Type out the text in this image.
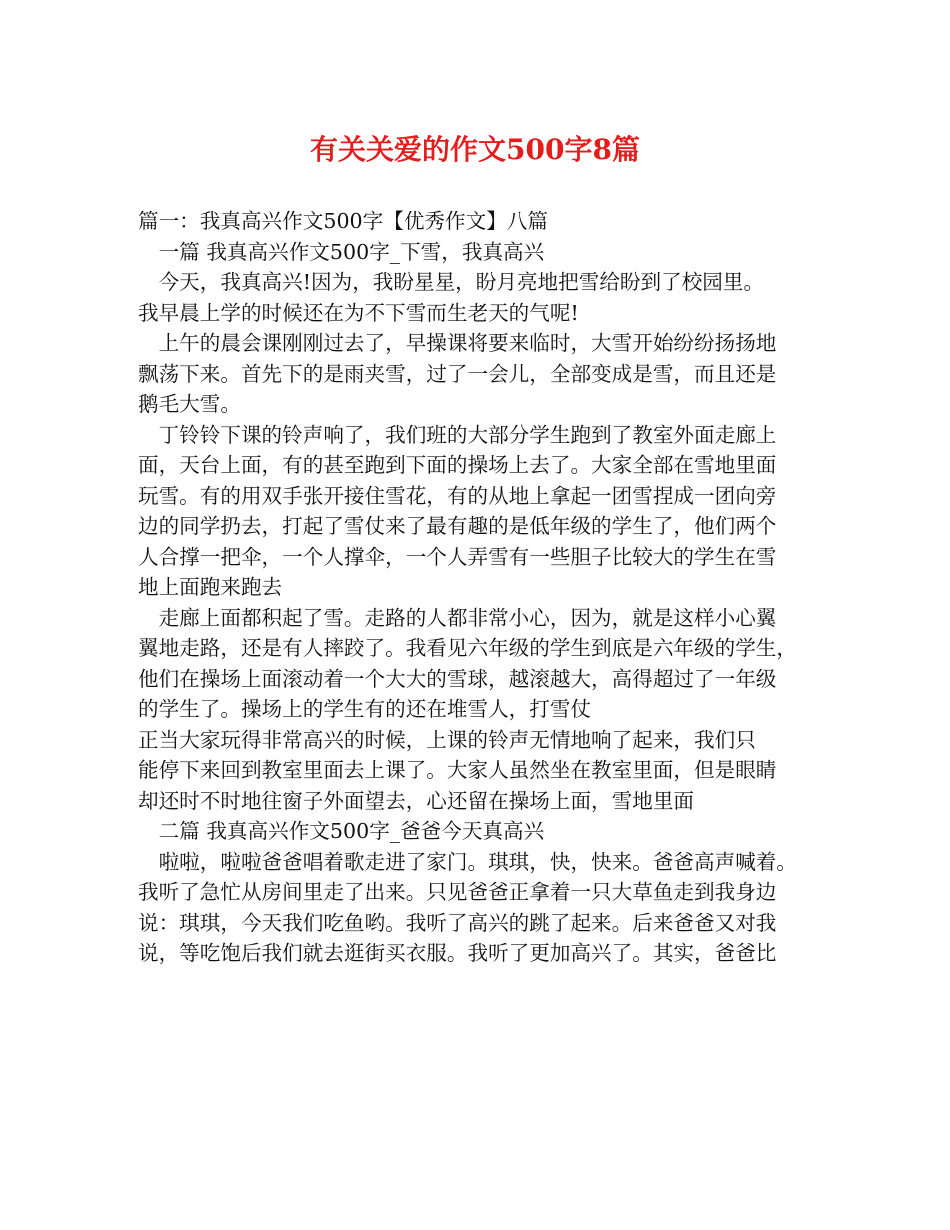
有关关爱的作文500字8篇
篇一：我真高兴作文500字【优秀作文】八篇
　一篇 我真高兴作文500字_下雪，我真高兴
　今天，我真高兴!因为，我盼星星，盼月亮地把雪给盼到了校园里。
我早晨上学的时候还在为不下雪而生老天的气呢!
　上午的晨会课刚刚过去了，早操课将要来临时，大雪开始纷纷扬扬地
飘荡下来。首先下的是雨夹雪，过了一会儿，全部变成是雪，而且还是
鹅毛大雪。
　丁铃铃下课的铃声响了，我们班的大部分学生跑到了教室外面走廊上
面，天台上面，有的甚至跑到下面的操场上去了。大家全部在雪地里面
玩雪。有的用双手张开接住雪花，有的从地上拿起一团雪捏成一团向旁
边的同学扔去，打起了雪仗来了最有趣的是低年级的学生了，他们两个
人合撑一把伞，一个人撑伞，一个人弄雪有一些胆子比较大的学生在雪
地上面跑来跑去
　走廊上面都积起了雪。走路的人都非常小心，因为，就是这样小心翼
翼地走路，还是有人摔跤了。我看见六年级的学生到底是六年级的学生，
他们在操场上面滚动着一个大大的雪球，越滚越大，高得超过了一年级
的学生了。操场上的学生有的还在堆雪人，打雪仗
正当大家玩得非常高兴的时候，上课的铃声无情地响了起来，我们只
能停下来回到教室里面去上课了。大家人虽然坐在教室里面，但是眼睛
却还时不时地往窗子外面望去，心还留在操场上面，雪地里面
　二篇 我真高兴作文500字_爸爸今天真高兴
　啦啦，啦啦爸爸唱着歌走进了家门。琪琪，快，快来。爸爸高声喊着。
我听了急忙从房间里走了出来。只见爸爸正拿着一只大草鱼走到我身边
说：琪琪，今天我们吃鱼哟。我听了高兴的跳了起来。后来爸爸又对我
说，等吃饱后我们就去逛街买衣服。我听了更加高兴了。其实，爸爸比
